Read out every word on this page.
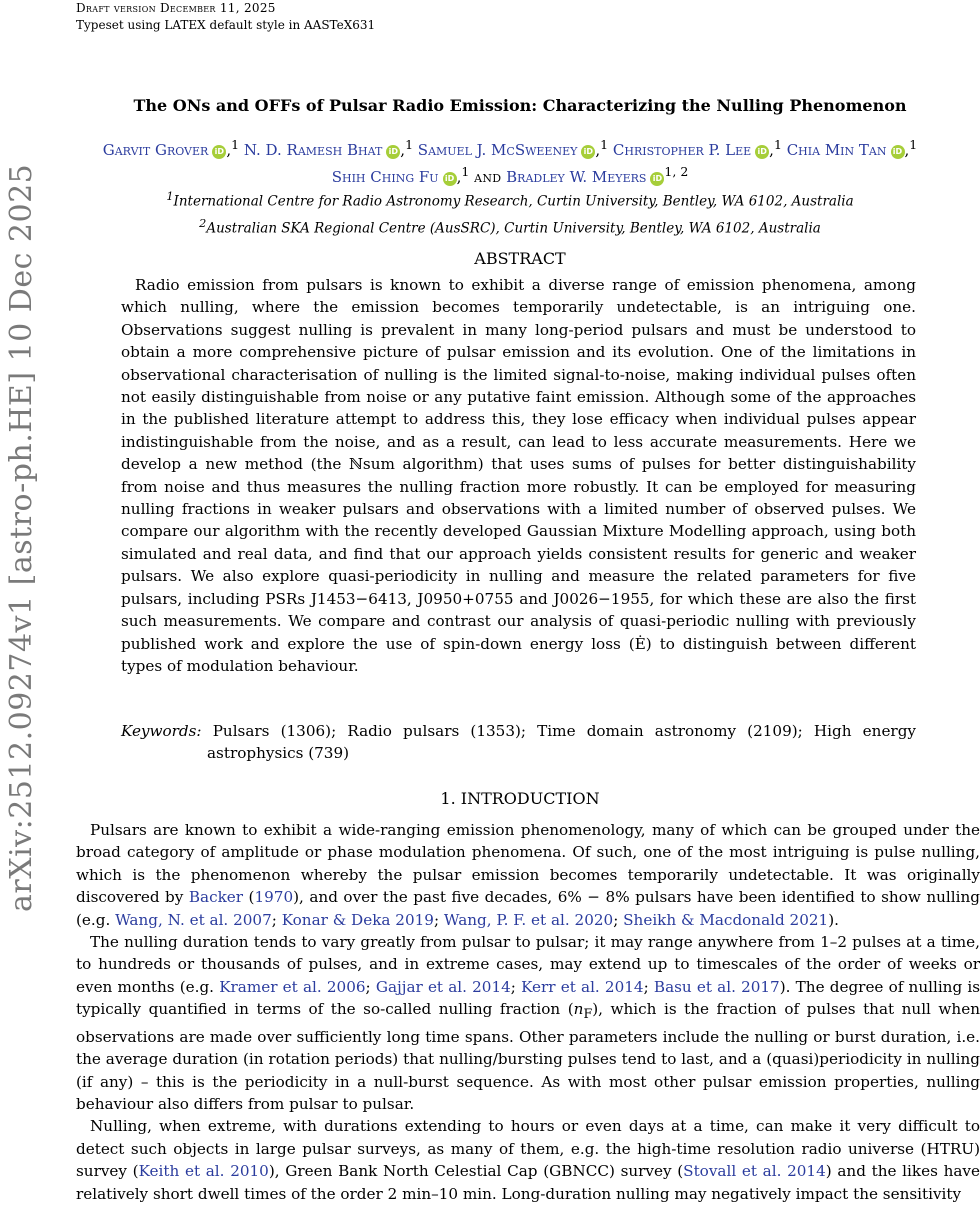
Draft version December 11, 2025
Typeset using LATEX default style in AASTeX631
arXiv:2512.09274v1 [astro-ph.HE] 10 Dec 2025
The ONs and OFFs of Pulsar Radio Emission: Characterizing the Nulling Phenomenon
Garvit Grover iD ,$^1$ N. D. Ramesh Bhat iD ,$^1$ Samuel J. McSweeney iD ,$^1$ Christopher P. Lee iD ,$^1$ Chia Min Tan iD ,$^1$
Shih Ching Fu iD ,$^1$ and Bradley W. Meyers iD $^{1, 2}$
$^1$International Centre for Radio Astronomy Research, Curtin University, Bentley, WA 6102, Australia
$^2$Australian SKA Regional Centre (AusSRC), Curtin University, Bentley, WA 6102, Australia
ABSTRACT

Radio emission from pulsars is known to exhibit a diverse range of emission phenomena, among which nulling, where the emission becomes temporarily undetectable, is an intriguing one. Observations suggest nulling is prevalent in many long-period pulsars and must be understood to obtain a more comprehensive picture of pulsar emission and its evolution. One of the limitations in observational characterisation of nulling is the limited signal-to-noise, making individual pulses often not easily distinguishable from noise or any putative faint emission. Although some of the approaches in the published literature attempt to address this, they lose efficacy when individual pulses appear indistinguishable from the noise, and as a result, can lead to less accurate measurements. Here we develop a new method (the ℕsum algorithm) that uses sums of pulses for better distinguishability from noise and thus measures the nulling fraction more robustly. It can be employed for measuring nulling fractions in weaker pulsars and observations with a limited number of observed pulses. We compare our algorithm with the recently developed Gaussian Mixture Modelling approach, using both simulated and real data, and find that our approach yields consistent results for generic and weaker pulsars. We also explore quasi-periodicity in nulling and measure the related parameters for five pulsars, including PSRs J1453−6413, J0950+0755 and J0026−1955, for which these are also the first such measurements. We compare and contrast our analysis of quasi-periodic nulling with previously published work and explore the use of spin-down energy loss (Ė) to distinguish between different types of modulation behaviour.

Keywords: Pulsars (1306); Radio pulsars (1353); Time domain astronomy (2109); High energy astrophysics (739)
1. INTRODUCTION

Pulsars are known to exhibit a wide-ranging emission phenomenology, many of which can be grouped under the broad category of amplitude or phase modulation phenomena. Of such, one of the most intriguing is pulse nulling, which is the phenomenon whereby the pulsar emission becomes temporarily undetectable. It was originally discovered by Backer (1970), and over the past five decades, 6% − 8% pulsars have been identified to show nulling (e.g. Wang, N. et al. 2007; Konar & Deka 2019; Wang, P. F. et al. 2020; Sheikh & Macdonald 2021).

The nulling duration tends to vary greatly from pulsar to pulsar; it may range anywhere from 1–2 pulses at a time, to hundreds or thousands of pulses, and in extreme cases, may extend up to timescales of the order of weeks or even months (e.g. Kramer et al. 2006; Gajjar et al. 2014; Kerr et al. 2014; Basu et al. 2017). The degree of nulling is typically quantified in terms of the so-called nulling fraction $(n_F)$, which is the fraction of pulses that null when observations are made over sufficiently long time spans. Other parameters include the nulling or burst duration, i.e. the average duration (in rotation periods) that nulling/bursting pulses tend to last, and a (quasi)periodicity in nulling (if any) – this is the periodicity in a null-burst sequence. As with most other pulsar emission properties, nulling behaviour also differs from pulsar to pulsar.

Nulling, when extreme, with durations extending to hours or even days at a time, can make it very difficult to detect such objects in large pulsar surveys, as many of them, e.g. the high-time resolution radio universe (HTRU) survey (Keith et al. 2010), Green Bank North Celestial Cap (GBNCC) survey (Stovall et al. 2014) and the likes have relatively short dwell times of the order 2 min–10 min. Long-duration nulling may negatively impact the sensitivity
